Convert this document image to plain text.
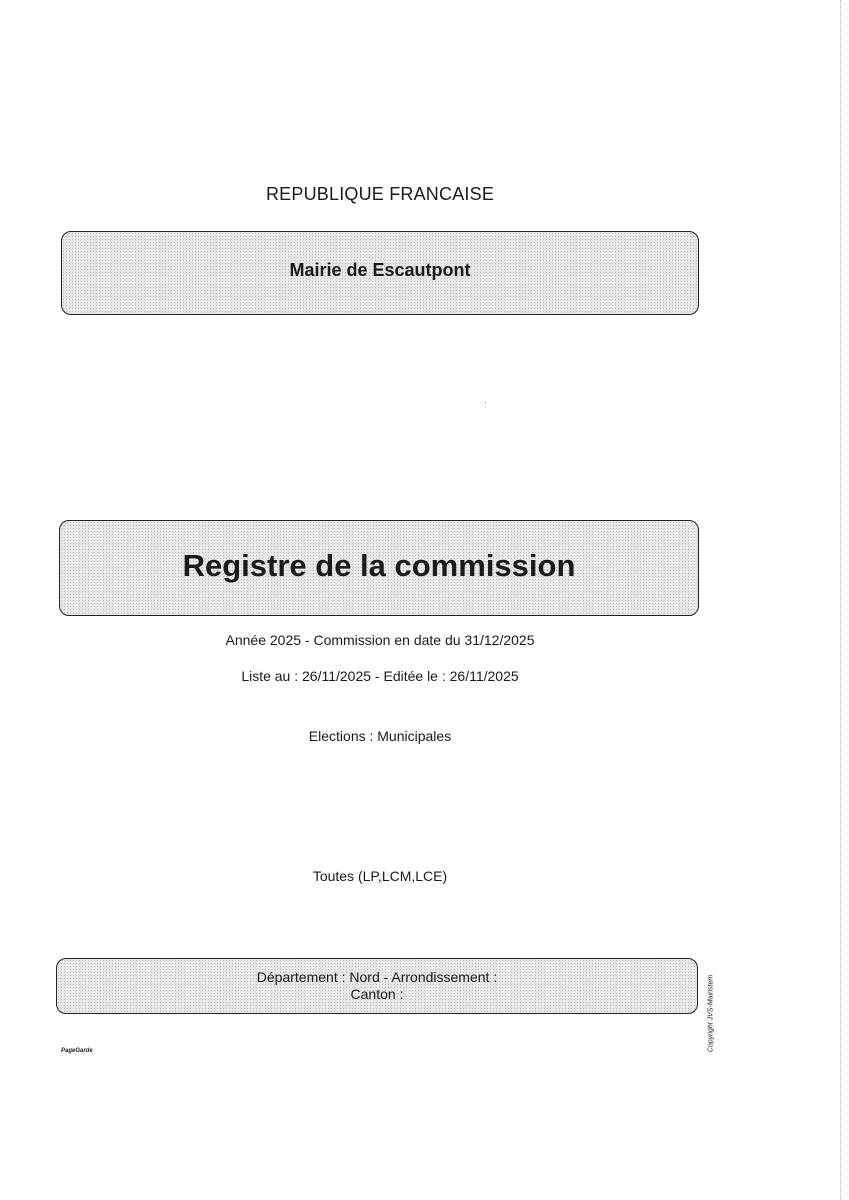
REPUBLIQUE FRANCAISE
Mairie de Escautpont
Registre de la commission
Année 2025 - Commission en date du 31/12/2025
Liste au : 26/11/2025 - Editée le : 26/11/2025
Elections : Municipales
Toutes (LP,LCM,LCE)
Département : Nord - Arrondissement :
Canton :	Copyright JVS-Mairistem
PageGarde
